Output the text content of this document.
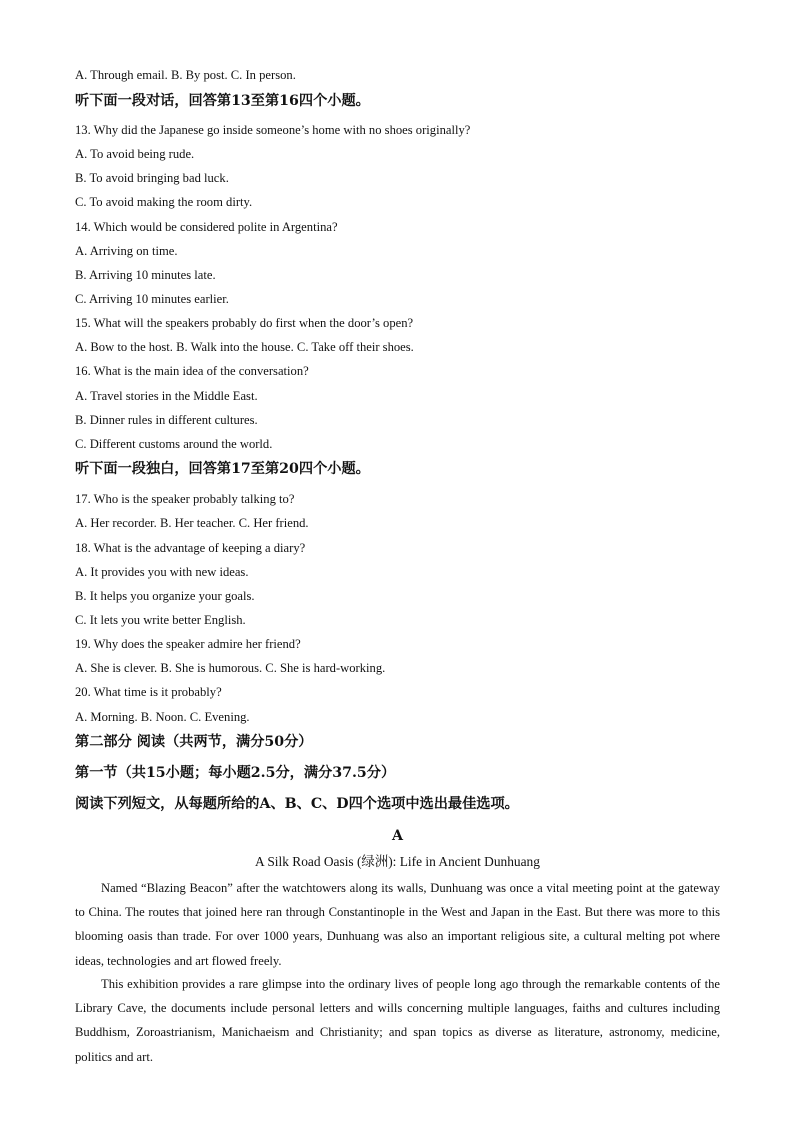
A. Through email. B. By post. C. In person.
听下面一段对话，回答第13至第16四个小题。
13. Why did the Japanese go inside someone’s home with no shoes originally?
A. To avoid being rude.
B. To avoid bringing bad luck.
C. To avoid making the room dirty.
14. Which would be considered polite in Argentina?
A. Arriving on time.
B. Arriving 10 minutes late.
C. Arriving 10 minutes earlier.
15. What will the speakers probably do first when the door’s open?
A. Bow to the host. B. Walk into the house. C. Take off their shoes.
16. What is the main idea of the conversation?
A. Travel stories in the Middle East.
B. Dinner rules in different cultures.
C. Different customs around the world.
听下面一段独白，回答第17至第20四个小题。
17. Who is the speaker probably talking to?
A. Her recorder. B. Her teacher. C. Her friend.
18. What is the advantage of keeping a diary?
A. It provides you with new ideas.
B. It helps you organize your goals.
C. It lets you write better English.
19. Why does the speaker admire her friend?
A. She is clever. B. She is humorous. C. She is hard-working.
20. What time is it probably?
A. Morning. B. Noon. C. Evening.
第二部分 阅读（共两节，满分50分）
第一节（共15小题；每小题2.5分，满分37.5分）
阅读下列短文，从每题所给的A、B、C、D四个选项中选出最佳选项。
A
A Silk Road Oasis (绿洲): Life in Ancient Dunhuang
Named “Blazing Beacon” after the watchtowers along its walls, Dunhuang was once a vital meeting point at the gateway to China. The routes that joined here ran through Constantinople in the West and Japan in the East. But there was more to this blooming oasis than trade. For over 1000 years, Dunhuang was also an important religious site, a cultural melting pot where ideas, technologies and art flowed freely.
This exhibition provides a rare glimpse into the ordinary lives of people long ago through the remarkable contents of the Library Cave, the documents include personal letters and wills concerning multiple languages, faiths and cultures including Buddhism, Zoroastrianism, Manichaeism and Christianity; and span topics as diverse as literature, astronomy, medicine, politics and art.
